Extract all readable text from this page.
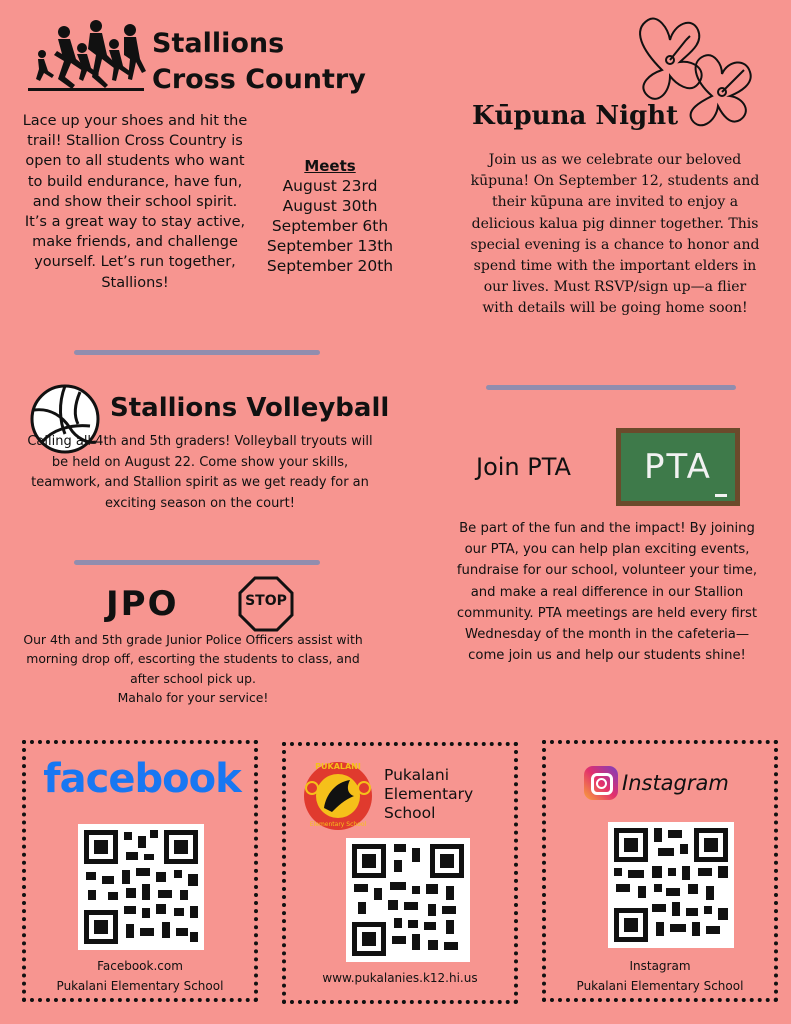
Stallions
Cross Country

Lace up your shoes and hit the trail! Stallion Cross Country is open to all students who want to build endurance, have fun, and show their school spirit. It’s a great way to stay active, make friends, and challenge yourself. Let’s run together, Stallions!

Meets
August 23rd
August 30th
September 6th
September 13th
September 20th
Kūpuna Night

Join us as we celebrate our beloved kūpuna! On September 12, students and their kūpuna are invited to enjoy a delicious kalua pig dinner together. This special evening is a chance to honor and spend time with the important elders in our lives. Must RSVP/sign up—a flier with details will be going home soon!

Stallions Volleyball

Calling all 4th and 5th graders! Volleyball tryouts will be held on August 22. Come show your skills, teamwork, and Stallion spirit as we get ready for an exciting season on the court!

Join PTA	PTA

Be part of the fun and the impact! By joining our PTA, you can help plan exciting events, fundraise for our school, volunteer your time, and make a real difference in our Stallion community. PTA meetings are held every first Wednesday of the month in the cafeteria—come join us and help our students shine!

JPO	STOP

Our 4th and 5th grade Junior Police Officers assist with morning drop off, escorting the students to class, and after school pick up.

Mahalo for your service!

facebook
Facebook.com
Pukalani Elementary School
PUKALANI
Elementary School
Pukalani
Elementary
School
www.pukalanies.k12.hi.us
Instagram
Instagram
Pukalani Elementary School
